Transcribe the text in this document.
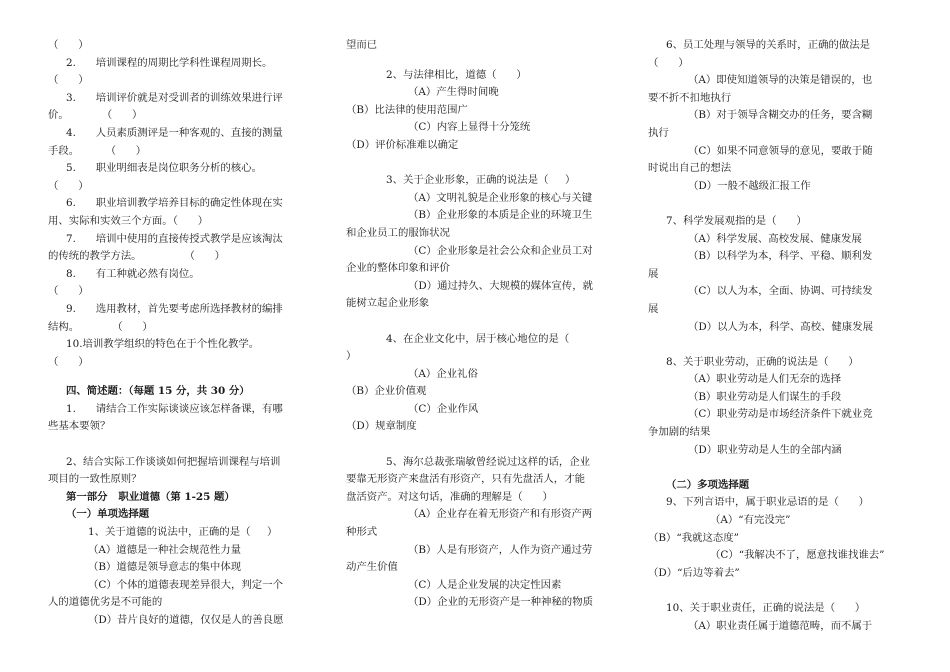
（      ）
2.      培训课程的周期比学科性课程周期长。
（      ）
3.      培训评价就是对受训者的训练效果进行评
价。          （      ）
4.      人员素质测评是一种客观的、直接的测量
手段。        （      ）
5.      职业明细表是岗位职务分析的核心。
（      ）
6.      职业培训教学培养目标的确定性体现在实
用、实际和实效三个方面。（      ）
7.      培训中使用的直接传授式教学是应该淘汰
的传统的教学方法。             （      ）
8.      有工种就必然有岗位。
（      ）
9.      选用教材，首先要考虑所选择教材的编排
结构。          （      ）
10.培训教学组织的特色在于个性化教学。
（      ）
四、简述题：（每题 15 分，共 30 分）
1.      请结合工作实际谈谈应该怎样备课，有哪
些基本要领？
2、结合实际工作谈谈如何把握培训课程与培训
项目的一致性原则？
第一部分   职业道德（第 1-25 题）
（一）单项选择题
1、关于道德的说法中，正确的是（     ）
（A）道德是一种社会规范性力量
（B）道德是领导意志的集中体现
（C）个体的道德表现差异很大，判定一个
人的道德优劣是不可能的
（D）昔片良好的道德，仅仅是人的善良愿
望而已
2、与法律相比，道德（      ）
（A）产生得时间晚
（B）比法律的使用范围广
（C）内容上显得十分笼统
（D）评价标准难以确定
3、关于企业形象，正确的说法是（     ）
（A）文明礼貌是企业形象的核心与关键
（B）企业形象的本质是企业的环境卫生
和企业员工的服饰状况
（C）企业形象是社会公众和企业员工对
企业的整体印象和评价
（D）通过持久、大规模的媒体宣传，就
能树立起企业形象
4、在企业文化中，居于核心地位的是（
）
（A）企业礼俗
（B）企业价值观
（C）企业作风
（D）规章制度
5、海尔总裁张瑞敏曾经说过这样的话，企业
要靠无形资产来盘活有形资产，只有先盘活人，才能
盘活资产。对这句话，准确的理解是（      ）
（A）企业存在着无形资产和有形资产两
种形式
（B）人是有形资产，人作为资产通过劳
动产生价值
（C）人是企业发展的决定性因素
（D）企业的无形资产是一种神秘的物质
6、员工处理与领导的关系时，正确的做法是
（      ）
（A）即使知道领导的决策是错误的，也
要不折不扣地执行
（B）对于领导含糊交办的任务，要含糊
执行
（C）如果不同意领导的意见，要敢于随
时说出自己的想法
（D）一般不越级汇报工作
7、科学发展观指的是（      ）
（A）科学发展、高校发展、健康发展
（B）以科学为本，科学、平稳、顺利发
展
（C）以人为本，全面、协调、可持续发
展
（D）以人为本，科学、高校、健康发展
8、关于职业劳动，正确的说法是（      ）
（A）职业劳动是人们无奈的选择
（B）职业劳动是人们谋生的手段
（C）职业劳动是市场经济条件下就业竞
争加剧的结果
（D）职业劳动是人生的全部内涵
（二）多项选择题
9、下列言语中，属于职业忌语的是（      ）
（A）“有完没完”
（B）“我就这态度”
（C）“我解决不了，愿意找谁找谁去”
（D）“后边等着去”
10、关于职业责任，正确的说法是（      ）
（A）职业责任属于道德范畴，而不属于
